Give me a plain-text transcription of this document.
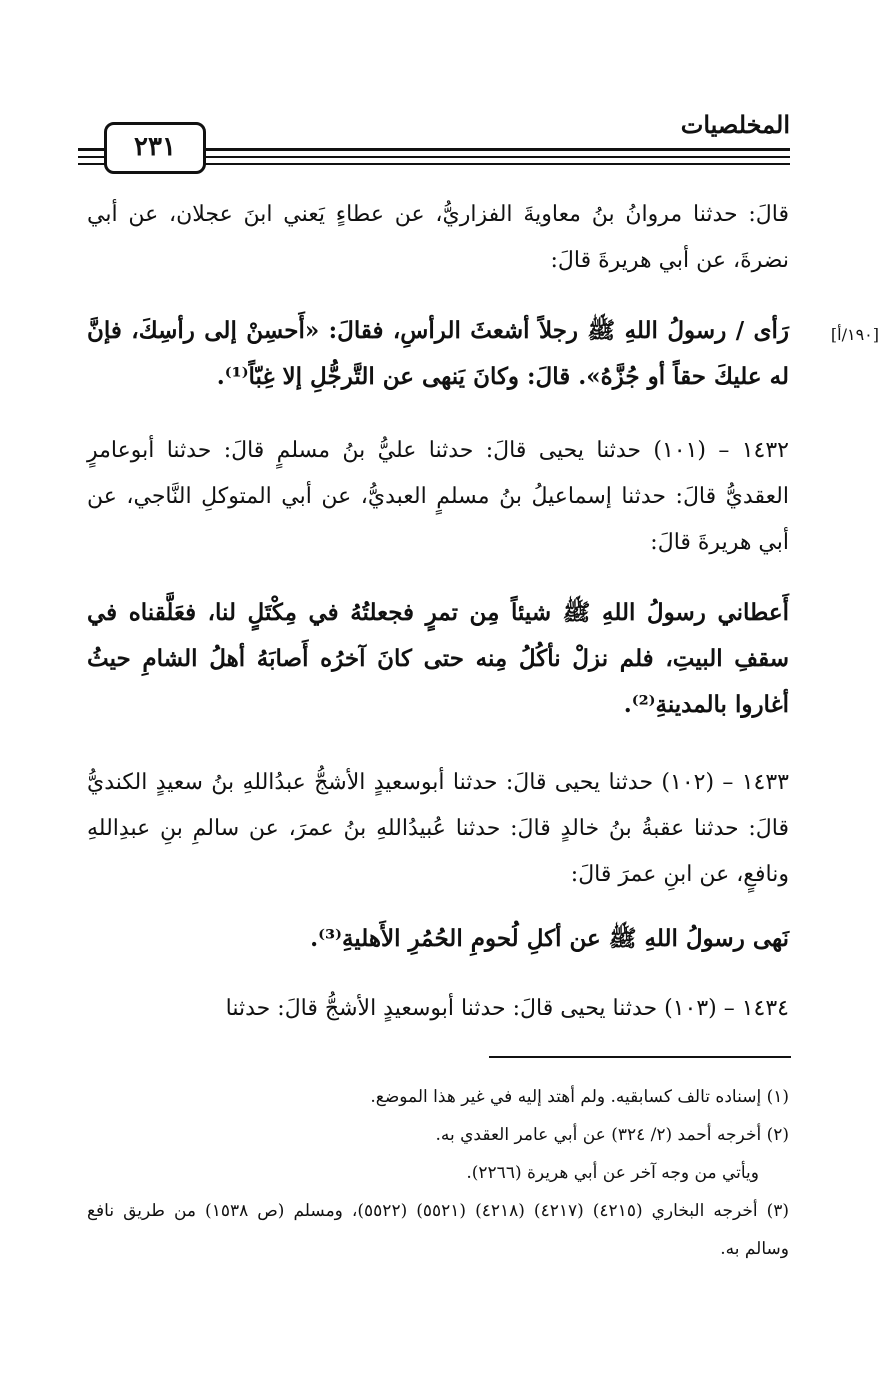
المخلصيات
٢٣١
[١٩٠/أ]

قالَ: حدثنا مروانُ بنُ معاويةَ الفزاريُّ، عن عطاءٍ يَعني ابنَ عجلان، عن أبي نضرةَ، عن أبي هريرةَ قالَ:

رَأى / رسولُ اللهِ ﷺ رجلاً أشعثَ الرأسِ، فقالَ: «أَحسِنْ إلى رأسِكَ، فإنَّ له عليكَ حقاً أو جُزَّهُ». قالَ: وكانَ يَنهى عن التَّرجُّلِ إلا غِبّاً⁽¹⁾.

١٤٣٢ – (١٠١) حدثنا يحيى قالَ: حدثنا عليُّ بنُ مسلمٍ قالَ: حدثنا أبوعامرٍ العقديُّ قالَ: حدثنا إسماعيلُ بنُ مسلمٍ العبديُّ، عن أبي المتوكلِ النَّاجي، عن أبي هريرةَ قالَ:

أَعطاني رسولُ اللهِ ﷺ شيئاً مِن تمرٍ فجعلتُهُ في مِكْتَلٍ لنا، فعَلَّقناه في سقفِ البيتِ، فلم نزلْ نأكُلُ مِنه حتى كانَ آخرُه أَصابَهُ أهلُ الشامِ حيثُ أغاروا بالمدينةِ⁽²⁾.

١٤٣٣ – (١٠٢) حدثنا يحيى قالَ: حدثنا أبوسعيدٍ الأشجُّ عبدُاللهِ بنُ سعيدٍ الكنديُّ قالَ: حدثنا عقبةُ بنُ خالدٍ قالَ: حدثنا عُبيدُاللهِ بنُ عمرَ، عن سالمِ بنِ عبدِاللهِ ونافعٍ، عن ابنِ عمرَ قالَ:

نَهى رسولُ اللهِ ﷺ عن أكلِ لُحومِ الحُمُرِ الأَهليةِ⁽³⁾.

١٤٣٤ – (١٠٣) حدثنا يحيى قالَ: حدثنا أبوسعيدٍ الأشجُّ قالَ: حدثنا

(١) إسناده تالف كسابقيه. ولم أهتد إليه في غير هذا الموضع.

(٢) أخرجه أحمد (٢/ ٣٢٤) عن أبي عامر العقدي به.

ويأتي من وجه آخر عن أبي هريرة (٢٢٦٦).

(٣) أخرجه البخاري (٤٢١٥) (٤٢١٧) (٤٢١٨) (٥٥٢١) (٥٥٢٢)، ومسلم (ص ١٥٣٨) من طريق نافع وسالم به.
